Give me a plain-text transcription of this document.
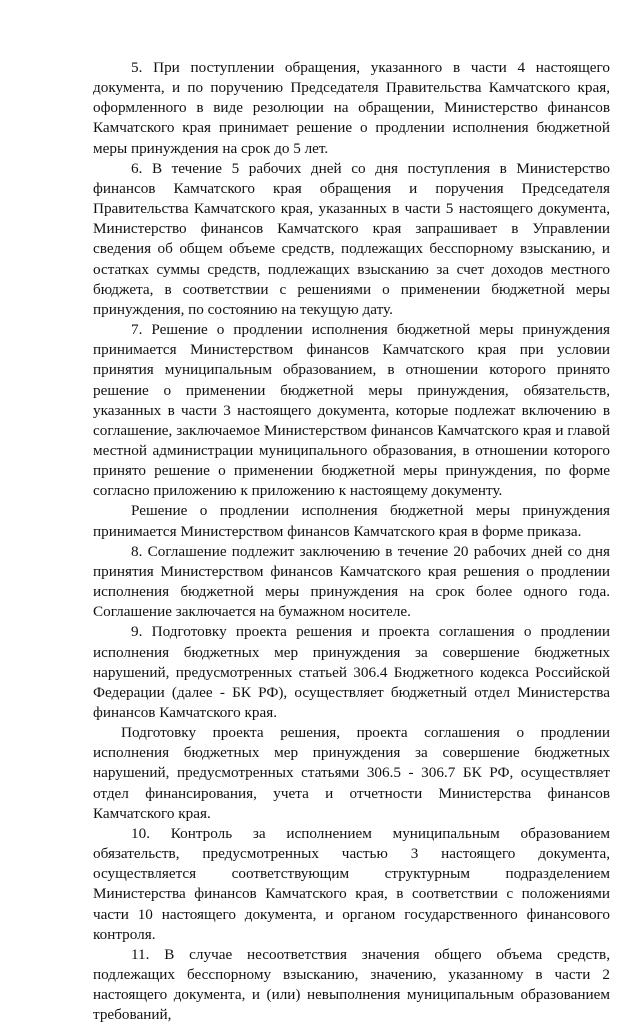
5. При поступлении обращения, указанного в части 4 настоящего документа, и по поручению Председателя Правительства Камчатского края, оформленного в виде резолюции на обращении, Министерство финансов Камчатского края принимает решение о продлении исполнения бюджетной меры принуждения на срок до 5 лет.

6. В течение 5 рабочих дней со дня поступления в Министерство финансов Камчатского края обращения и поручения Председателя Правительства Камчатского края, указанных в части 5 настоящего документа, Министерство финансов Камчатского края запрашивает в Управлении сведения об общем объеме средств, подлежащих бесспорному взысканию, и остатках суммы средств, подлежащих взысканию за счет доходов местного бюджета, в соответствии с решениями о применении бюджетной меры принуждения, по состоянию на текущую дату.

7. Решение о продлении исполнения бюджетной меры принуждения принимается Министерством финансов Камчатского края при условии принятия муниципальным образованием, в отношении которого принято решение о применении бюджетной меры принуждения, обязательств, указанных в части 3 настоящего документа, которые подлежат включению в соглашение, заключаемое Министерством финансов Камчатского края и главой местной администрации муниципального образования, в отношении которого принято решение о применении бюджетной меры принуждения, по форме согласно приложению к приложению к настоящему документу.

Решение о продлении исполнения бюджетной меры принуждения принимается Министерством финансов Камчатского края в форме приказа.

8. Соглашение подлежит заключению в течение 20 рабочих дней со дня принятия Министерством финансов Камчатского края решения о продлении исполнения бюджетной меры принуждения на срок более одного года. Соглашение заключается на бумажном носителе.

9. Подготовку проекта решения и проекта соглашения о продлении исполнения бюджетных мер принуждения за совершение бюджетных нарушений, предусмотренных статьей 306.4 Бюджетного кодекса Российской Федерации (далее - БК РФ), осуществляет бюджетный отдел Министерства финансов Камчатского края.

Подготовку проекта решения, проекта соглашения о продлении исполнения бюджетных мер принуждения за совершение бюджетных нарушений, предусмотренных статьями 306.5 - 306.7 БК РФ, осуществляет отдел финансирования, учета и отчетности Министерства финансов Камчатского края.

10. Контроль за исполнением муниципальным образованием обязательств, предусмотренных частью 3 настоящего документа, осуществляется соответствующим структурным подразделением Министерства финансов Камчатского края, в соответствии с положениями части 10 настоящего документа, и органом государственного финансового контроля.

11. В случае несоответствия значения общего объема средств, подлежащих бесспорному взысканию, значению, указанному в части 2 настоящего документа, и (или) невыполнения муниципальным образованием требований,
